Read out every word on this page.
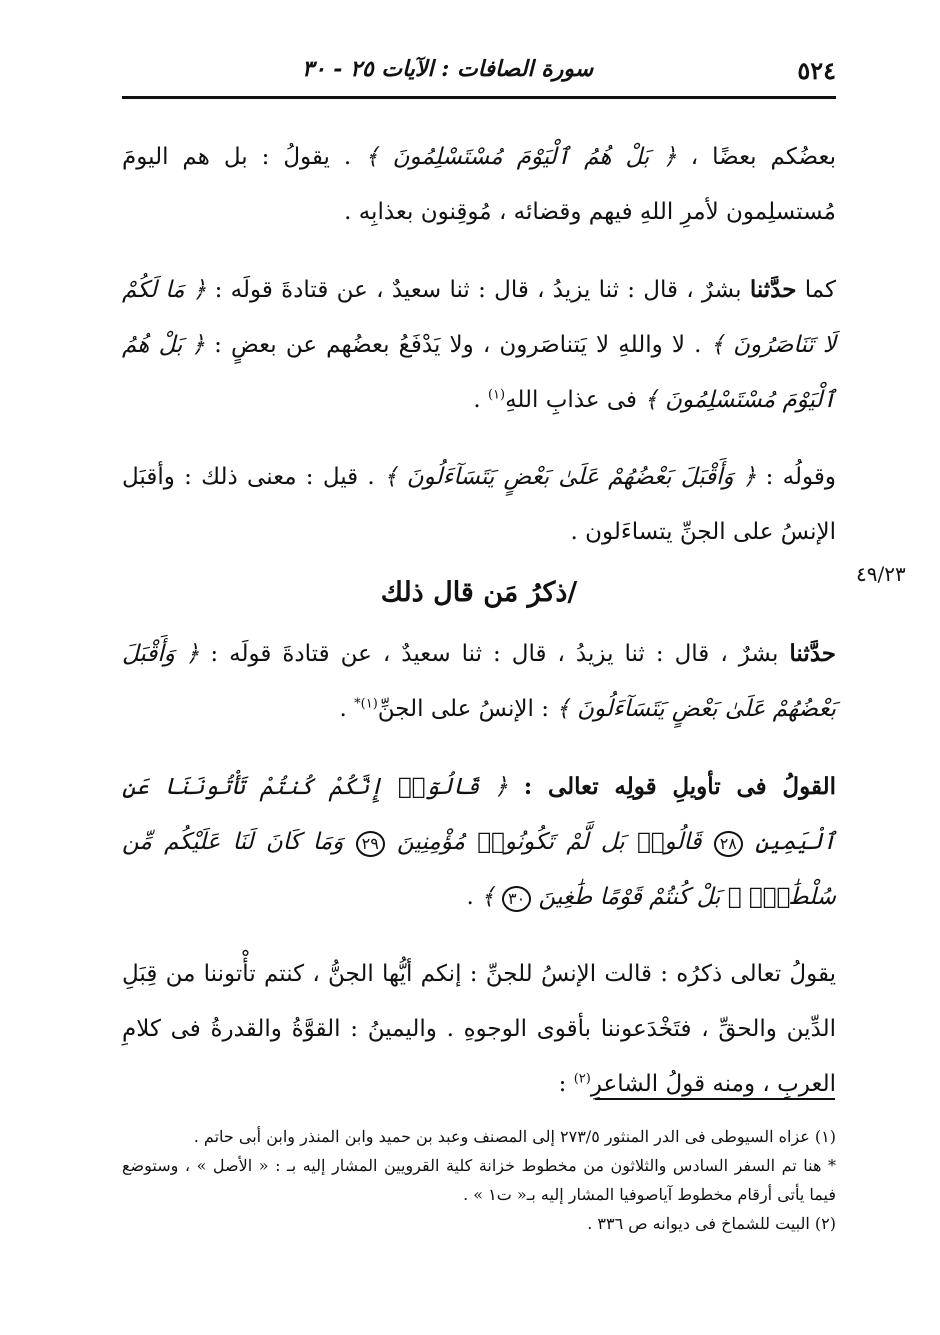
٥٢٤
سورة الصافات : الآيات ٢٥ - ٣٠
٤٩/٢٣

بعضُكم بعضًا ، ﴿ بَلْ هُمُ ٱلْيَوْمَ مُسْتَسْلِمُونَ ﴾ . يقولُ : بل هم اليومَ مُستسلِمون لأمرِ اللهِ فيهم وقضائه ، مُوقِنون بعذابِه .

كما حدَّثنا بشرٌ ، قال : ثنا يزيدُ ، قال : ثنا سعيدٌ ، عن قتادةَ قولَه : ﴿ مَا لَكُمْ لَا تَنَاصَرُونَ ﴾ . لا واللهِ لا يَتناصَرون ، ولا يَدْفَعُ بعضُهم عن بعضٍ : ﴿ بَلْ هُمُ ٱلْيَوْمَ مُسْتَسْلِمُونَ ﴾ فى عذابِ اللهِ$^{(١)}$ .

وقولُه : ﴿ وَأَقْبَلَ بَعْضُهُمْ عَلَىٰ بَعْضٍ يَتَسَآءَلُونَ ﴾ . قيل : معنى ذلك : وأقبَل الإنسُ على الجنِّ يتساءَلون .

/ذكرُ مَن قال ذلك

حدَّثنا بشرٌ ، قال : ثنا يزيدُ ، قال : ثنا سعيدٌ ، عن قتادةَ قولَه : ﴿ وَأَقْبَلَ بَعْضُهُمْ عَلَىٰ بَعْضٍ يَتَسَآءَلُونَ ﴾ : الإنسُ على الجنِّ$^{(١)*}$ .

القولُ فى تأويلِ قولِه تعالى : ﴿ قَالُوٓا۟ إِنَّكُمْ كُنتُمْ تَأْتُونَنَا عَنِ ٱلْيَمِينِ ٢٨ قَالُوا۟ بَل لَّمْ تَكُونُوا۟ مُؤْمِنِينَ ٢٩ وَمَا كَانَ لَنَا عَلَيْكُم مِّن سُلْطَٰنٍۭ ۖ بَلْ كُنتُمْ قَوْمًا طَٰغِينَ ٣٠ ﴾ .

يقولُ تعالى ذكرُه : قالت الإنسُ للجنِّ : إنكم أيُّها الجنُّ ، كنتم تأْتوننا من قِبَلِ الدِّين والحقِّ ، فتَخْدَعوننا بأقوى الوجوهِ . واليمينُ : القوَّةُ والقدرةُ فى كلامِ العربِ ، ومنه قولُ الشاعرِ$^{(٢)}$ :

(١) عزاه السيوطى فى الدر المنثور ٢٧٣/٥ إلى المصنف وعبد بن حميد وابن المنذر وابن أبى حاتم .

* هنا تم السفر السادس والثلاثون من مخطوط خزانة كلية القرويين المشار إليه بـ : « الأصل » ، وستوضع فيما يأتى أرقام مخطوط آياصوفيا المشار إليه بـ« ت١ » .

(٢) البيت للشماخ فى ديوانه ص ٣٣٦ .
